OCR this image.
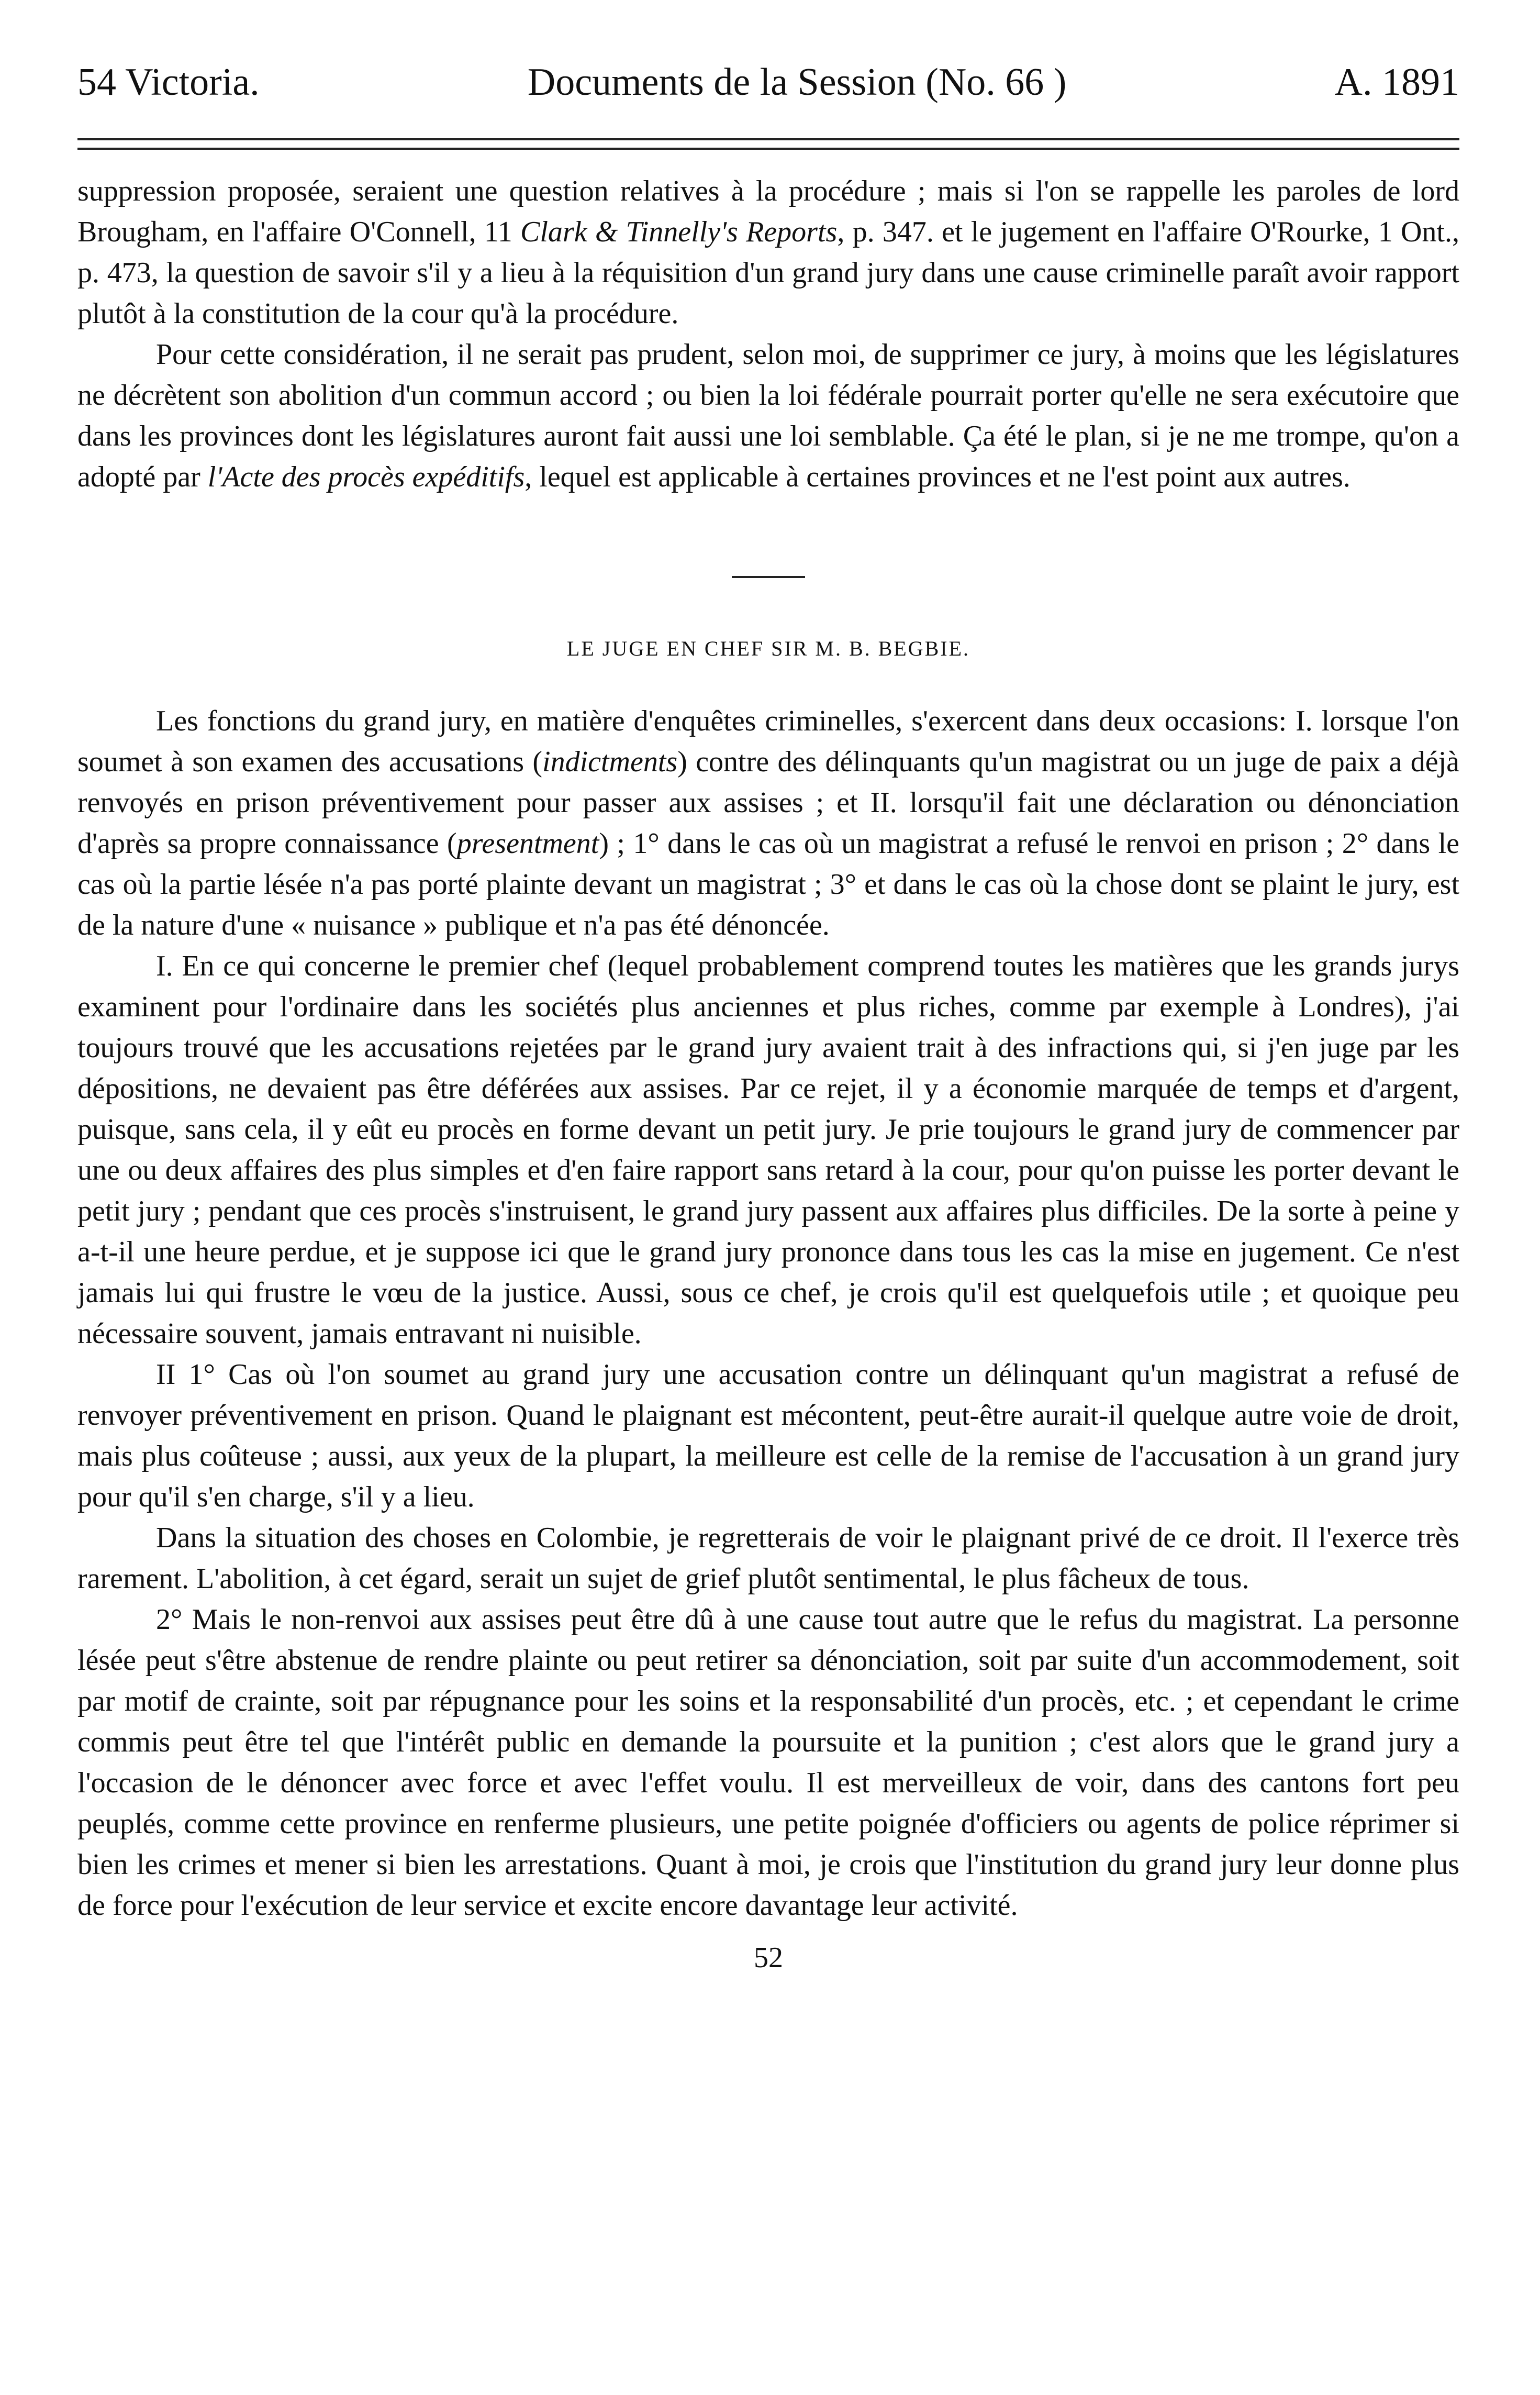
54 Victoria.	Documents de la Session (No. 66 )	A. 1891

suppression proposée, seraient une question relatives à la procédure ; mais si l'on se rappelle les paroles de lord Brougham, en l'affaire O'Connell, 11 Clark & Tinnelly's Reports, p. 347. et le jugement en l'affaire O'Rourke, 1 Ont., p. 473, la question de savoir s'il y a lieu à la réquisition d'un grand jury dans une cause criminelle paraît avoir rapport plutôt à la constitution de la cour qu'à la procédure.

Pour cette considération, il ne serait pas prudent, selon moi, de supprimer ce jury, à moins que les législatures ne décrètent son abolition d'un commun accord ; ou bien la loi fédérale pourrait porter qu'elle ne sera exécutoire que dans les provinces dont les législatures auront fait aussi une loi semblable. Ça été le plan, si je ne me trompe, qu'on a adopté par l'Acte des procès expéditifs, lequel est applicable à certaines provinces et ne l'est point aux autres.

LE JUGE EN CHEF SIR M. B. BEGBIE.

Les fonctions du grand jury, en matière d'enquêtes criminelles, s'exercent dans deux occasions: I. lorsque l'on soumet à son examen des accusations (indictments) contre des délinquants qu'un magistrat ou un juge de paix a déjà renvoyés en prison préventivement pour passer aux assises ; et II. lorsqu'il fait une déclaration ou dénonciation d'après sa propre connaissance (presentment) ; 1° dans le cas où un magistrat a refusé le renvoi en prison ; 2° dans le cas où la partie lésée n'a pas porté plainte devant un magistrat ; 3° et dans le cas où la chose dont se plaint le jury, est de la nature d'une « nuisance » publique et n'a pas été dénoncée.

I. En ce qui concerne le premier chef (lequel probablement comprend toutes les matières que les grands jurys examinent pour l'ordinaire dans les sociétés plus anciennes et plus riches, comme par exemple à Londres), j'ai toujours trouvé que les accusations rejetées par le grand jury avaient trait à des infractions qui, si j'en juge par les dépositions, ne devaient pas être déférées aux assises. Par ce rejet, il y a économie marquée de temps et d'argent, puisque, sans cela, il y eût eu procès en forme devant un petit jury. Je prie toujours le grand jury de commencer par une ou deux affaires des plus simples et d'en faire rapport sans retard à la cour, pour qu'on puisse les porter devant le petit jury ; pendant que ces procès s'instruisent, le grand jury passent aux affaires plus difficiles. De la sorte à peine y a-t-il une heure perdue, et je suppose ici que le grand jury prononce dans tous les cas la mise en jugement. Ce n'est jamais lui qui frustre le vœu de la justice. Aussi, sous ce chef, je crois qu'il est quelquefois utile ; et quoique peu nécessaire souvent, jamais entravant ni nuisible.

II 1° Cas où l'on soumet au grand jury une accusation contre un délinquant qu'un magistrat a refusé de renvoyer préventivement en prison. Quand le plaignant est mécontent, peut-être aurait-il quelque autre voie de droit, mais plus coûteuse ; aussi, aux yeux de la plupart, la meilleure est celle de la remise de l'accusation à un grand jury pour qu'il s'en charge, s'il y a lieu.

Dans la situation des choses en Colombie, je regretterais de voir le plaignant privé de ce droit. Il l'exerce très rarement. L'abolition, à cet égard, serait un sujet de grief plutôt sentimental, le plus fâcheux de tous.

2° Mais le non-renvoi aux assises peut être dû à une cause tout autre que le refus du magistrat. La personne lésée peut s'être abstenue de rendre plainte ou peut retirer sa dénonciation, soit par suite d'un accommodement, soit par motif de crainte, soit par répugnance pour les soins et la responsabilité d'un procès, etc. ; et cependant le crime commis peut être tel que l'intérêt public en demande la poursuite et la punition ; c'est alors que le grand jury a l'occasion de le dénoncer avec force et avec l'effet voulu. Il est merveilleux de voir, dans des cantons fort peu peuplés, comme cette province en renferme plusieurs, une petite poignée d'officiers ou agents de police réprimer si bien les crimes et mener si bien les arrestations. Quant à moi, je crois que l'institution du grand jury leur donne plus de force pour l'exécution de leur service et excite encore davantage leur activité.

52
